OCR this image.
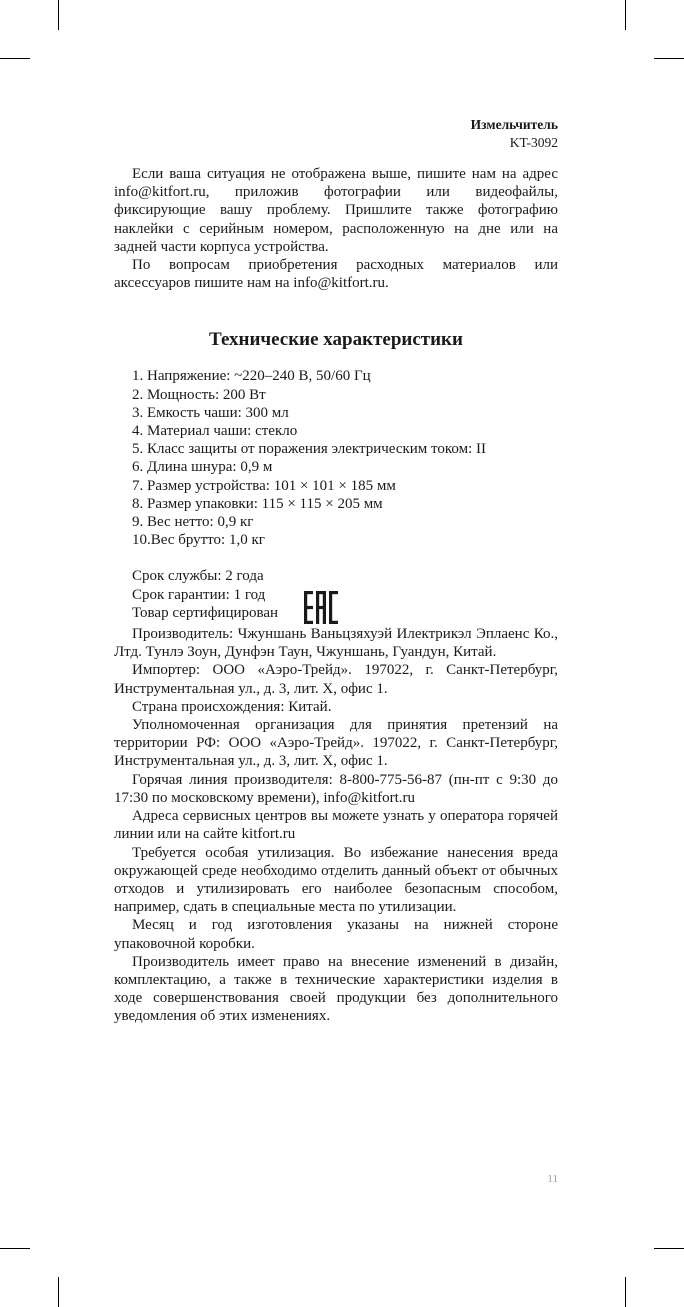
Измельчитель
KT-3092

Если ваша ситуация не отображена выше, пишите нам на адрес info@kitfort.ru, приложив фотографии или видеофайлы, фиксирующие вашу проблему. Пришлите также фотографию наклейки с серийным номером, расположенную на дне или на задней части корпуса устройства.

По вопросам приобретения расходных материалов или аксессуаров пишите нам на info@kitfort.ru.

Технические характеристики
1. Напряжение: ~220–240 В, 50/60 Гц
2. Мощность: 200 Вт
3. Емкость чаши: 300 мл
4. Материал чаши: стекло
5. Класс защиты от поражения электрическим током: II
6. Длина шнура: 0,9 м
7. Размер устройства: 101 × 101 × 185 мм
8. Размер упаковки: 115 × 115 × 205 мм
9. Вес нетто: 0,9 кг
10.Вес брутто: 1,0 кг

Срок службы: 2 года

Срок гарантии: 1 год

Товар сертифицирован

Производитель: Чжуншань Ваньцзяхуэй Илектрикэл Эплаенс Ко., Лтд. Тунлэ Зоун, Дунфэн Таун, Чжуншань, Гуандун, Китай.

Импортер: ООО «Аэро-Трейд». 197022, г. Санкт-Петербург, Инструментальная ул., д. 3, лит. Х, офис 1.

Страна происхождения: Китай.

Уполномоченная организация для принятия претензий на территории РФ: ООО «Аэро-Трейд». 197022, г. Санкт-Петербург, Инструментальная ул., д. 3, лит. Х, офис 1.

Горячая линия производителя: 8-800-775-56-87 (пн-пт с 9:30 до 17:30 по московскому времени), info@kitfort.ru

Адреса сервисных центров вы можете узнать у оператора горячей линии или на сайте kitfort.ru

Требуется особая утилизация. Во избежание нанесения вреда окружающей среде необходимо отделить данный объект от обычных отходов и утилизировать его наиболее безопасным способом, например, сдать в специальные места по утилизации.

Месяц и год изготовления указаны на нижней стороне упаковочной коробки.

Производитель имеет право на внесение изменений в дизайн, комплектацию, а также в технические характеристики изделия в ходе совершенствования своей продукции без дополнительного уведомления об этих изменениях.

11
